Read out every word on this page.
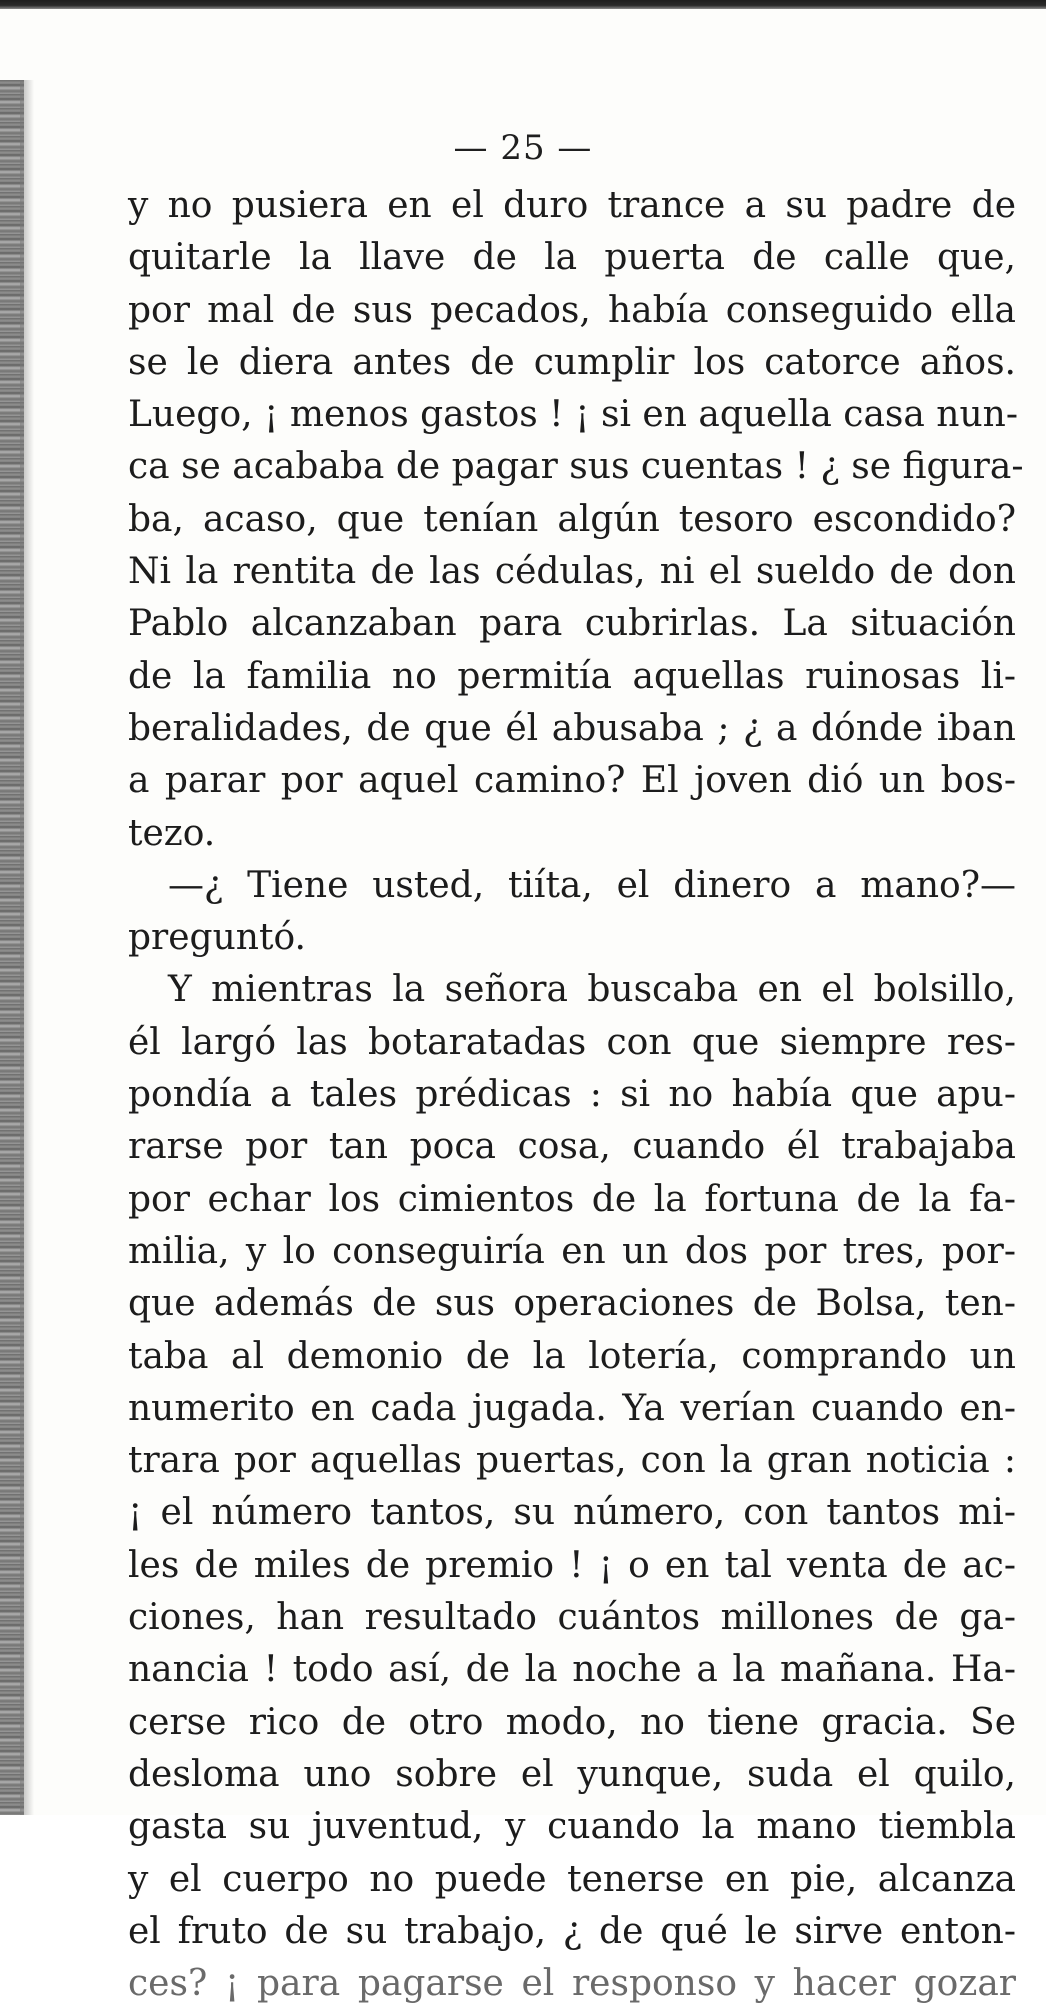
— 25 —
y no pusiera en el duro trance a su padre de
quitarle la llave de la puerta de calle que,
por mal de sus pecados, había conseguido ella
se le diera antes de cumplir los catorce años.
Luego, ¡ menos gastos ! ¡ si en aquella casa nun-
ca se acababa de pagar sus cuentas ! ¿ se figura-
ba, acaso, que tenían algún tesoro escondido?
Ni la rentita de las cédulas, ni el sueldo de don
Pablo alcanzaban para cubrirlas. La situación
de la familia no permitía aquellas ruinosas li-
beralidades, de que él abusaba ; ¿ a dónde iban
a parar por aquel camino? El joven dió un bos-
tezo.
—¿ Tiene usted, tiíta, el dinero a mano?—
preguntó.
Y mientras la señora buscaba en el bolsillo,
él largó las botaratadas con que siempre res-
pondía a tales prédicas : si no había que apu-
rarse por tan poca cosa, cuando él trabajaba
por echar los cimientos de la fortuna de la fa-
milia, y lo conseguiría en un dos por tres, por-
que además de sus operaciones de Bolsa, ten-
taba al demonio de la lotería, comprando un
numerito en cada jugada. Ya verían cuando en-
trara por aquellas puertas, con la gran noticia :
¡ el número tantos, su número, con tantos mi-
les de miles de premio ! ¡ o en tal venta de ac-
ciones, han resultado cuántos millones de ga-
nancia ! todo así, de la noche a la mañana. Ha-
cerse rico de otro modo, no tiene gracia. Se
desloma uno sobre el yunque, suda el quilo,
gasta su juventud, y cuando la mano tiembla
y el cuerpo no puede tenerse en pie, alcanza
el fruto de su trabajo, ¿ de qué le sirve enton-
ces? ¡ para pagarse el responso y hacer gozar
